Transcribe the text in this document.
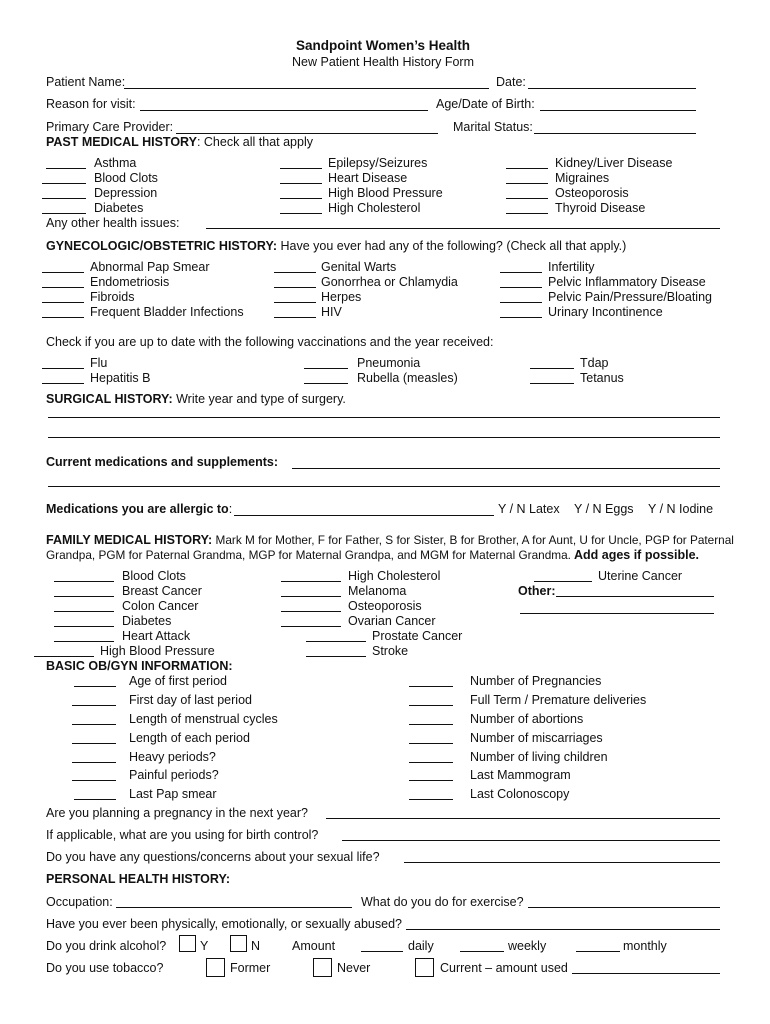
Sandpoint Women’s Health
New Patient Health History Form
Patient Name:	Date:
Reason for visit:	Age/Date of Birth:
Primary Care Provider:	Marital Status:
PAST MEDICAL HISTORY: Check all that apply
Asthma
Blood Clots
Depression
Diabetes
Epilepsy/Seizures
Heart Disease
High Blood Pressure
High Cholesterol
Kidney/Liver Disease
Migraines
Osteoporosis
Thyroid Disease
Any other health issues:
GYNECOLOGIC/OBSTETRIC HISTORY: Have you ever had any of the following? (Check all that apply.)
Abnormal Pap Smear
Endometriosis
Fibroids
Frequent Bladder Infections
Genital Warts
Gonorrhea or Chlamydia
Herpes
HIV
Infertility
Pelvic Inflammatory Disease
Pelvic Pain/Pressure/Bloating
Urinary Incontinence
Check if you are up to date with the following vaccinations and the year received:
Flu
Hepatitis B
Pneumonia
Rubella (measles)
Tdap
Tetanus
SURGICAL HISTORY: Write year and type of surgery.
Current medications and supplements:
Medications you are allergic to:	Y / N Latex Y / N Eggs Y / N Iodine
FAMILY MEDICAL HISTORY: Mark M for Mother, F for Father, S for Sister, B for Brother, A for Aunt, U for Uncle, PGP for Paternal
Grandpa, PGM for Paternal Grandma, MGP for Maternal Grandpa, and MGM for Maternal Grandma. Add ages if possible.
Blood Clots
Breast Cancer
Colon Cancer
Diabetes
Heart Attack
High Blood Pressure
High Cholesterol
Melanoma
Osteoporosis
Ovarian Cancer
Prostate Cancer
Stroke
Uterine Cancer
Other:
BASIC OB/GYN INFORMATION:
Age of first period
First day of last period
Length of menstrual cycles
Length of each period
Heavy periods?
Painful periods?
Last Pap smear
Number of Pregnancies
Full Term / Premature deliveries
Number of abortions
Number of miscarriages
Number of living children
Last Mammogram
Last Colonoscopy
Are you planning a pregnancy in the next year?
If applicable, what are you using for birth control?
Do you have any questions/concerns about your sexual life?
PERSONAL HEALTH HISTORY:
Occupation:	What do you do for exercise?
Have you ever been physically, emotionally, or sexually abused?
Do you drink alcohol?	Y	N	Amount	daily	weekly	monthly
Do you use tobacco?	Former	Never	Current – amount used
